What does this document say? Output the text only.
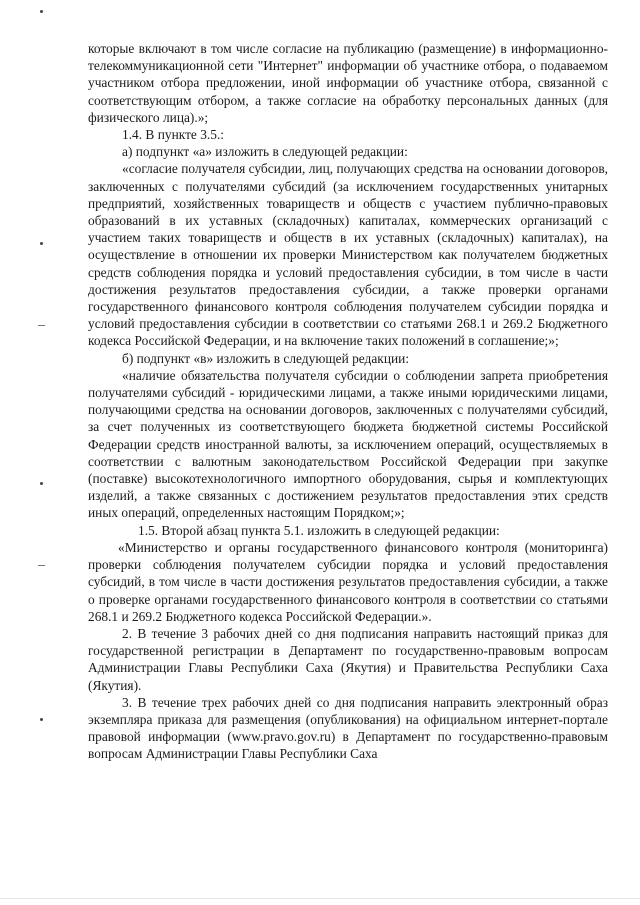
которые включают в том числе согласие на публикацию (размещение) в информационно-телекоммуникационной сети "Интернет" информации об участнике отбора, о подаваемом участником отбора предложении, иной информации об участнике отбора, связанной с соответствующим отбором, а также согласие на обработку персональных данных (для физического лица).»;

1.4. В пункте 3.5.:

а) подпункт «а» изложить в следующей редакции:

«согласие получателя субсидии, лиц, получающих средства на основании договоров, заключенных с получателями субсидий (за исключением государственных унитарных предприятий, хозяйственных товариществ и обществ с участием публично-правовых образований в их уставных (складочных) капиталах, коммерческих организаций с участием таких товариществ и обществ в их уставных (складочных) капиталах), на осуществление в отношении их проверки Министерством как получателем бюджетных средств соблюдения порядка и условий предоставления субсидии, в том числе в части достижения результатов предоставления субсидии, а также проверки органами государственного финансового контроля соблюдения получателем субсидии порядка и условий предоставления субсидии в соответствии со статьями 268.1 и 269.2 Бюджетного кодекса Российской Федерации, и на включение таких положений в соглашение;»;

б) подпункт «в» изложить в следующей редакции:

«наличие обязательства получателя субсидии о соблюдении запрета приобретения получателями субсидий - юридическими лицами, а также иными юридическими лицами, получающими средства на основании договоров, заключенных с получателями субсидий, за счет полученных из соответствующего бюджета бюджетной системы Российской Федерации средств иностранной валюты, за исключением операций, осуществляемых в соответствии с валютным законодательством Российской Федерации при закупке (поставке) высокотехнологичного импортного оборудования, сырья и комплектующих изделий, а также связанных с достижением результатов предоставления этих средств иных операций, определенных настоящим Порядком;»;

1.5. Второй абзац пункта 5.1. изложить в следующей редакции:

«Министерство и органы государственного финансового контроля (мониторинга) проверки соблюдения получателем субсидии порядка и условий предоставления субсидий, в том числе в части достижения результатов предоставления субсидии, а также о проверке органами государственного финансового контроля в соответствии со статьями 268.1 и 269.2 Бюджетного кодекса Российской Федерации.».

2. В течение 3 рабочих дней со дня подписания направить настоящий приказ для государственной регистрации в Департамент по государственно-правовым вопросам Администрации Главы Республики Саха (Якутия) и Правительства Республики Саха (Якутия).

3. В течение трех рабочих дней со дня подписания направить электронный образ экземпляра приказа для размещения (опубликования) на официальном интернет-портале правовой информации (www.pravo.gov.ru) в Департамент по государственно-правовым вопросам Администрации Главы Республики Саха
